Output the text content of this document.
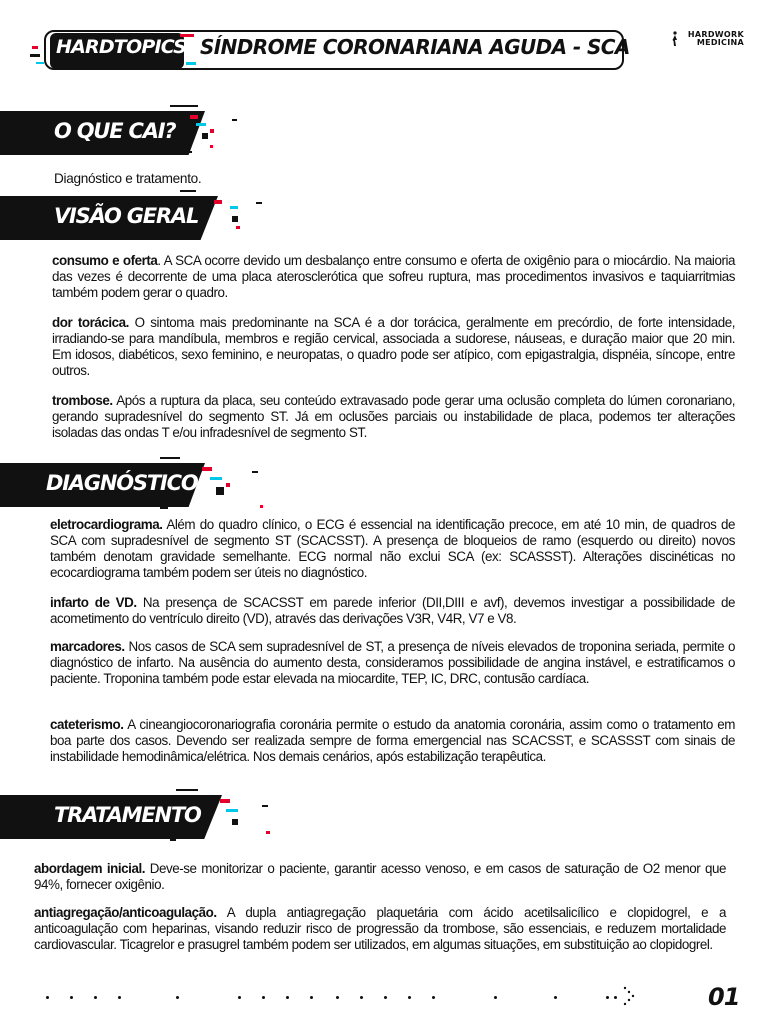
HARDTOPICS SÍNDROME CORONARIANA AGUDA - SCA
HARDWORK
MEDICINA
O QUE CAI?
Diagnóstico e tratamento.
VISÃO GERAL

consumo e oferta. A SCA ocorre devido um desbalanço entre consumo e oferta de oxigênio para o miocárdio. Na maioria das vezes é decorrente de uma placa aterosclerótica que sofreu ruptura, mas procedimentos invasivos e taquiarritmias também podem gerar o quadro.

dor torácica. O sintoma mais predominante na SCA é a dor torácica, geralmente em precórdio, de forte intensidade, irradiando-se para mandíbula, membros e região cervical, associada a sudorese, náuseas, e duração maior que 20 min. Em idosos, diabéticos, sexo feminino, e neuropatas, o quadro pode ser atípico, com epigastralgia, dispnéia, síncope, entre outros.

trombose. Após a ruptura da placa, seu conteúdo extravasado pode gerar uma oclusão completa do lúmen coronariano, gerando supradesnível do segmento ST. Já em oclusões parciais ou instabilidade de placa, podemos ter alterações isoladas das ondas T e/ou infradesnível de segmento ST.

DIAGNÓSTICO

eletrocardiograma. Além do quadro clínico, o ECG é essencial na identificação precoce, em até 10 min, de quadros de SCA com supradesnível de segmento ST (SCACSST). A presença de bloqueios de ramo (esquerdo ou direito) novos também denotam gravidade semelhante. ECG normal não exclui SCA (ex: SCASSST). Alterações discinéticas no ecocardiograma também podem ser úteis no diagnóstico.

infarto de VD. Na presença de SCACSST em parede inferior (DII,DIII e avf), devemos investigar a possibilidade de acometimento do ventrículo direito (VD), através das derivações V3R, V4R, V7 e V8.

marcadores. Nos casos de SCA sem supradesnível de ST, a presença de níveis elevados de troponina seriada, permite o diagnóstico de infarto. Na ausência do aumento desta, consideramos possibilidade de angina instável, e estratificamos o paciente. Troponina também pode estar elevada na miocardite, TEP, IC, DRC, contusão cardíaca.

cateterismo. A cineangiocoronariografia coronária permite o estudo da anatomia coronária, assim como o tratamento em boa parte dos casos. Devendo ser realizada sempre de forma emergencial nas SCACSST, e SCASSST com sinais de instabilidade hemodinâmica/elétrica. Nos demais cenários, após estabilização terapêutica.

TRATAMENTO

abordagem inicial. Deve-se monitorizar o paciente, garantir acesso venoso, e em casos de saturação de O2 menor que 94%, fornecer oxigênio.

antiagregação/anticoagulação. A dupla antiagregação plaquetária com ácido acetilsalicílico e clopidogrel, e a anticoagulação com heparinas, visando reduzir risco de progressão da trombose, são essenciais, e reduzem mortalidade cardiovascular. Ticagrelor e prasugrel também podem ser utilizados, em algumas situações, em substituição ao clopidogrel.

01
